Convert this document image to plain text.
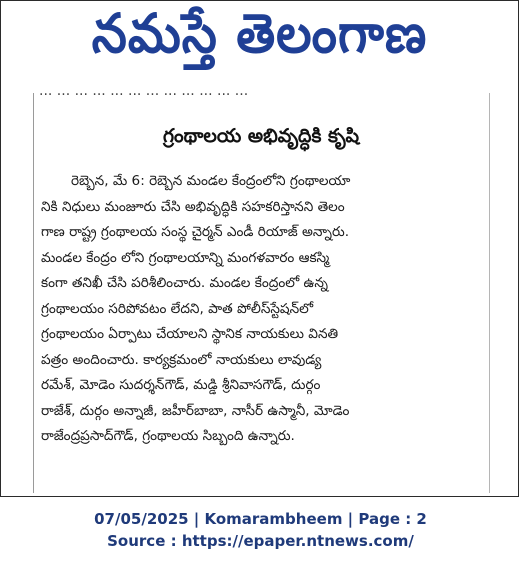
నమస్తే తెలంగాణ
... ... ... ... ... ... ... ... ... ... ... ...
గ్రంథాలయ అభివృద్ధికి కృషి
రెబ్బెన, మే 6: రెబ్బెన మండల కేంద్రంలోని గ్రంథాలయా
నికి నిధులు మంజూరు చేసి అభివృద్ధికి సహకరిస్తానని తెలం
గాణ రాష్ట్ర గ్రంథాలయ సంస్థ చైర్మన్ ఎండీ రియాజ్ అన్నారు.
మండల కేంద్రం లోని గ్రంథాలయాన్ని మంగళవారం ఆకస్మి
కంగా తనిఖీ చేసి పరిశీలించారు. మండల కేంద్రంలో ఉన్న
గ్రంథాలయం సరిపోవటం లేదని, పాత పోలీస్‌స్టేషన్‌లో
గ్రంథాలయం ఏర్పాటు చేయాలని స్థానిక నాయకులు వినతి
పత్రం అందించారు. కార్యక్రమంలో నాయకులు లావుడ్య
రమేశ్, మోడెం సుదర్శన్‌గౌడ్, మడ్డి శ్రీనివాసగౌడ్, దుర్గం
రాజేశ్, దుర్గం అన్నాజీ, జహీర్‌బాబా, నాసీర్ ఉస్మానీ, మోడెం
రాజేంద్రప్రసాద్‌గౌడ్, గ్రంథాలయ సిబ్బంది ఉన్నారు.
07/05/2025 | Komarambheem | Page : 2
Source : https://epaper.ntnews.com/
